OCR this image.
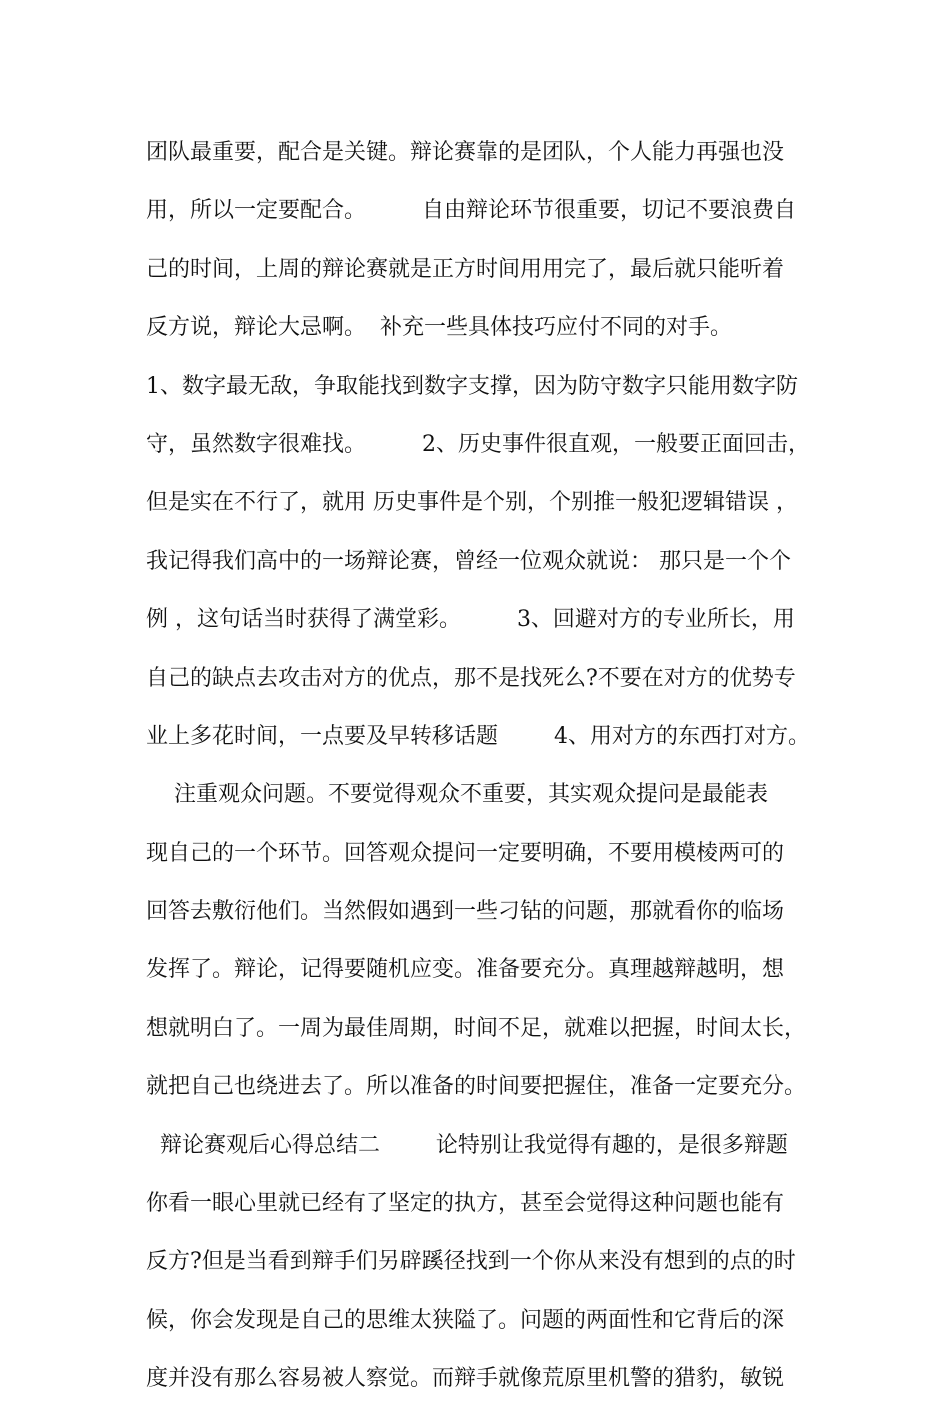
团队最重要，配合是关键。辩论赛靠的是团队，个人能力再强也没
用，所以一定要配合。        自由辩论环节很重要，切记不要浪费自
己的时间，上周的辩论赛就是正方时间用用完了，最后就只能听着
反方说，辩论大忌啊。  补充一些具体技巧应付不同的对手。
1、数字最无敌，争取能找到数字支撑，因为防守数字只能用数字防
守，虽然数字很难找。        2、历史事件很直观，一般要正面回击，
但是实在不行了，就用 历史事件是个别，个别推一般犯逻辑错误 ，
我记得我们高中的一场辩论赛，曾经一位观众就说： 那只是一个个
例 ，这句话当时获得了满堂彩。        3、回避对方的专业所长，用
自己的缺点去攻击对方的优点，那不是找死么?不要在对方的优势专
业上多花时间，一点要及早转移话题        4、用对方的东西打对方。
注重观众问题。不要觉得观众不重要，其实观众提问是最能表
现自己的一个环节。回答观众提问一定要明确，不要用模棱两可的
回答去敷衍他们。当然假如遇到一些刁钻的问题，那就看你的临场
发挥了。辩论，记得要随机应变。准备要充分。真理越辩越明，想
想就明白了。一周为最佳周期，时间不足，就难以把握，时间太长，
就把自己也绕进去了。所以准备的时间要把握住，准备一定要充分。
辩论赛观后心得总结二        论特别让我觉得有趣的，是很多辩题
你看一眼心里就已经有了坚定的执方，甚至会觉得这种问题也能有
反方?但是当看到辩手们另辟蹊径找到一个你从来没有想到的点的时
候，你会发现是自己的思维太狭隘了。问题的两面性和它背后的深
度并没有那么容易被人察觉。而辩手就像荒原里机警的猎豹，敏锐
